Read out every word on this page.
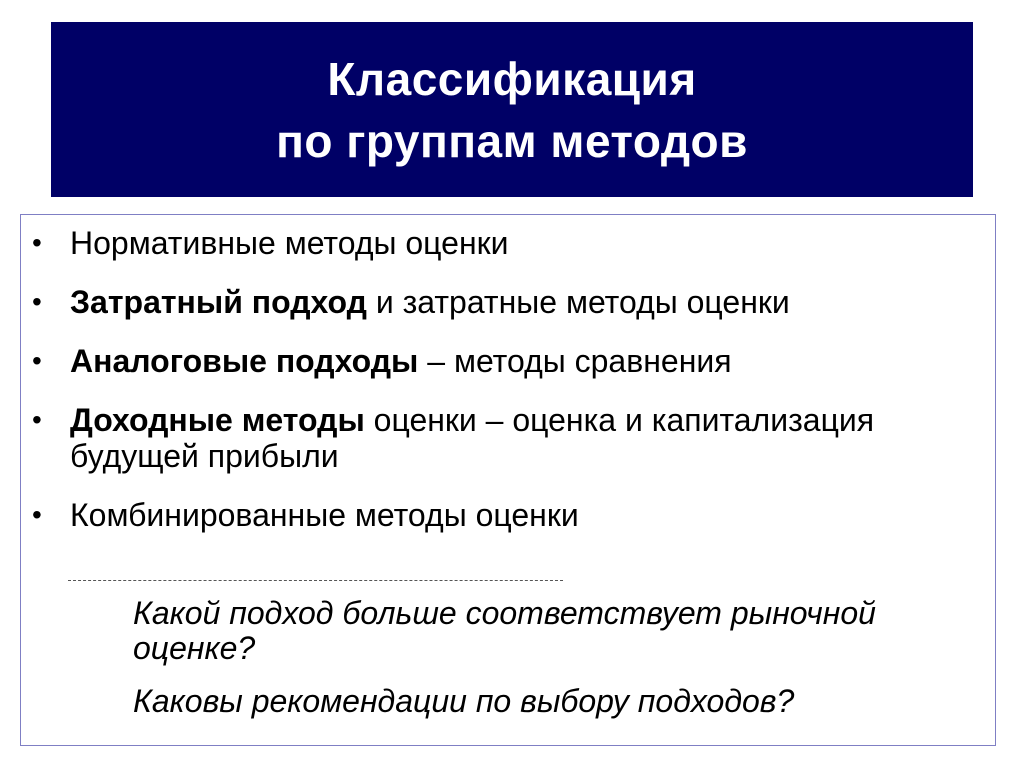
Классификация
по группам методов
• Нормативные методы оценки
• Затратный подход и затратные методы оценки
• Аналоговые подходы – методы сравнения
• Доходные методы оценки – оценка и капитализация будущей прибыли
• Комбинированные методы оценки
Какой подход больше соответствует рыночной оценке?
Каковы рекомендации по выбору подходов?
